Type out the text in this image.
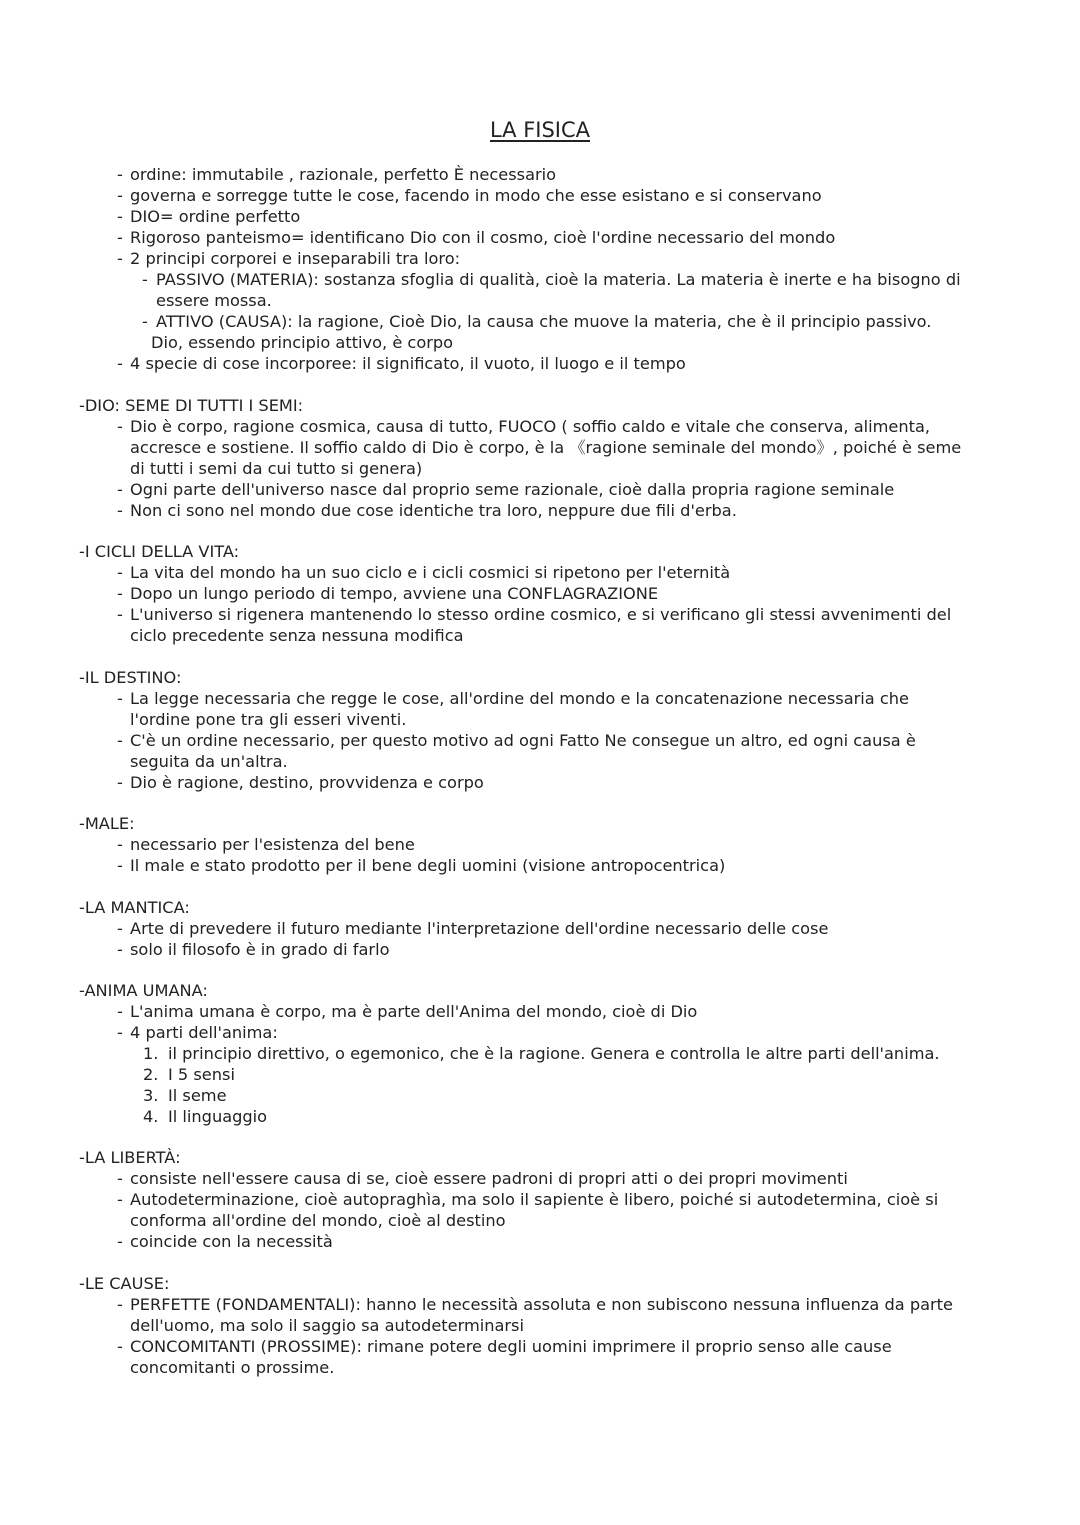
LA FISICA
- ordine: immutabile , razionale, perfetto È necessario
- governa e sorregge tutte le cose, facendo in modo che esse esistano e si conservano
- DIO= ordine perfetto
- Rigoroso panteismo= identificano Dio con il cosmo, cioè l'ordine necessario del mondo
- 2 principi corporei e inseparabili tra loro:
- PASSIVO (MATERIA): sostanza sfoglia di qualità, cioè la materia. La materia è inerte e ha bisogno di
essere mossa.
- ATTIVO (CAUSA): la ragione, Cioè Dio, la causa che muove la materia, che è il principio passivo.
Dio, essendo principio attivo, è corpo
- 4 specie di cose incorporee: il significato, il vuoto, il luogo e il tempo
-DIO: SEME DI TUTTI I SEMI:
- Dio è corpo, ragione cosmica, causa di tutto, FUOCO ( soffio caldo e vitale che conserva, alimenta,
accresce e sostiene. Il soffio caldo di Dio è corpo, è la 《ragione seminale del mondo》, poiché è seme
di tutti i semi da cui tutto si genera)
- Ogni parte dell'universo nasce dal proprio seme razionale, cioè dalla propria ragione seminale
- Non ci sono nel mondo due cose identiche tra loro, neppure due fili d'erba.
-I CICLI DELLA VITA:
- La vita del mondo ha un suo ciclo e i cicli cosmici si ripetono per l'eternità
- Dopo un lungo periodo di tempo, avviene una CONFLAGRAZIONE
- L'universo si rigenera mantenendo lo stesso ordine cosmico, e si verificano gli stessi avvenimenti del
ciclo precedente senza nessuna modifica
-IL DESTINO:
- La legge necessaria che regge le cose, all'ordine del mondo e la concatenazione necessaria che
l'ordine pone tra gli esseri viventi.
- C'è un ordine necessario, per questo motivo ad ogni Fatto Ne consegue un altro, ed ogni causa è
seguita da un'altra.
- Dio è ragione, destino, provvidenza e corpo
-MALE:
- necessario per l'esistenza del bene
- Il male e stato prodotto per il bene degli uomini (visione antropocentrica)
-LA MANTICA:
- Arte di prevedere il futuro mediante l'interpretazione dell'ordine necessario delle cose
- solo il filosofo è in grado di farlo
-ANIMA UMANA:
- L'anima umana è corpo, ma è parte dell'Anima del mondo, cioè di Dio
- 4 parti dell'anima:
1. il principio direttivo, o egemonico, che è la ragione. Genera e controlla le altre parti dell'anima.
2. I 5 sensi
3. Il seme
4. Il linguaggio
-LA LIBERTÀ:
- consiste nell'essere causa di se, cioè essere padroni di propri atti o dei propri movimenti
- Autodeterminazione, cioè autopraghìa, ma solo il sapiente è libero, poiché si autodetermina, cioè si
conforma all'ordine del mondo, cioè al destino
- coincide con la necessità
-LE CAUSE:
- PERFETTE (FONDAMENTALI): hanno le necessità assoluta e non subiscono nessuna influenza da parte
dell'uomo, ma solo il saggio sa autodeterminarsi
- CONCOMITANTI (PROSSIME): rimane potere degli uomini imprimere il proprio senso alle cause
concomitanti o prossime.
